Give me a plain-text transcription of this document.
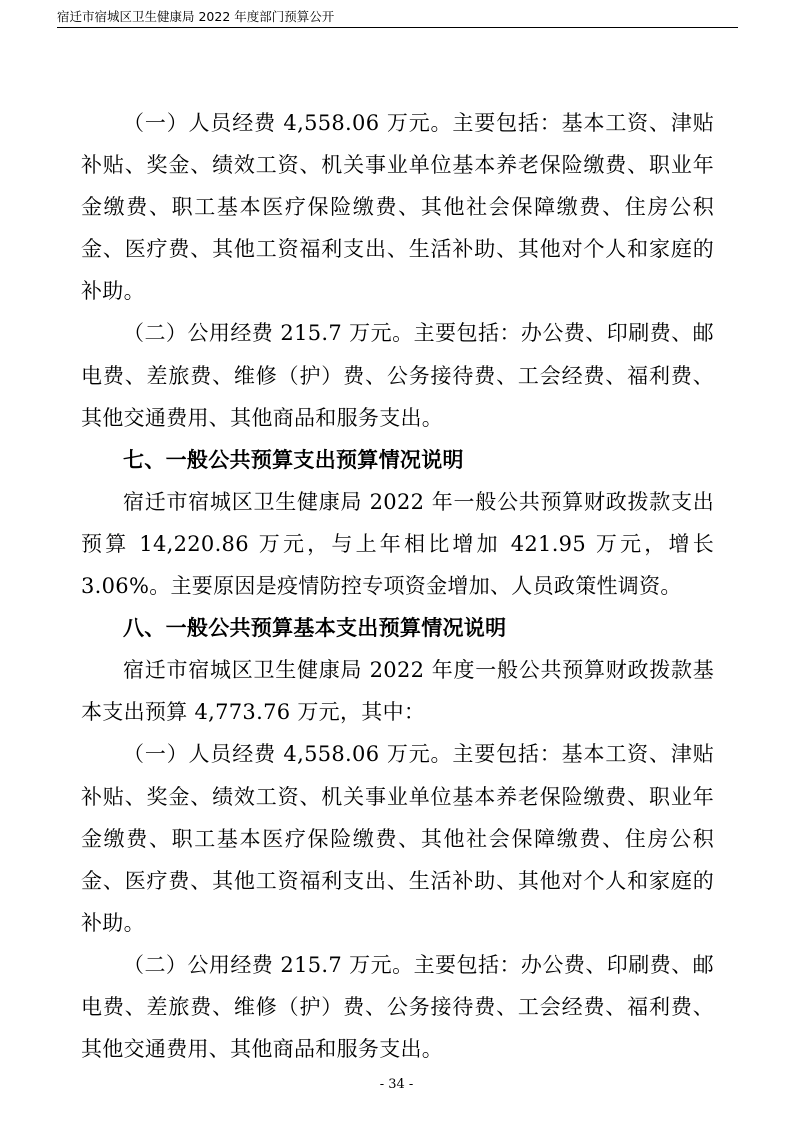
宿迁市宿城区卫生健康局 2022 年度部门预算公开

（一）人员经费 4,558.06 万元。主要包括：基本工资、津贴补贴、奖金、绩效工资、机关事业单位基本养老保险缴费、职业年金缴费、职工基本医疗保险缴费、其他社会保障缴费、住房公积金、医疗费、其他工资福利支出、生活补助、其他对个人和家庭的补助。

（二）公用经费 215.7 万元。主要包括：办公费、印刷费、邮电费、差旅费、维修（护）费、公务接待费、工会经费、福利费、其他交通费用、其他商品和服务支出。

七、一般公共预算支出预算情况说明

宿迁市宿城区卫生健康局 2022 年一般公共预算财政拨款支出预算 14,220.86 万元，与上年相比增加 421.95 万元，增长 3.06%。主要原因是疫情防控专项资金增加、人员政策性调资。

八、一般公共预算基本支出预算情况说明

宿迁市宿城区卫生健康局 2022 年度一般公共预算财政拨款基本支出预算 4,773.76 万元，其中：

（一）人员经费 4,558.06 万元。主要包括：基本工资、津贴补贴、奖金、绩效工资、机关事业单位基本养老保险缴费、职业年金缴费、职工基本医疗保险缴费、其他社会保障缴费、住房公积金、医疗费、其他工资福利支出、生活补助、其他对个人和家庭的补助。

（二）公用经费 215.7 万元。主要包括：办公费、印刷费、邮电费、差旅费、维修（护）费、公务接待费、工会经费、福利费、其他交通费用、其他商品和服务支出。

- 34 -
